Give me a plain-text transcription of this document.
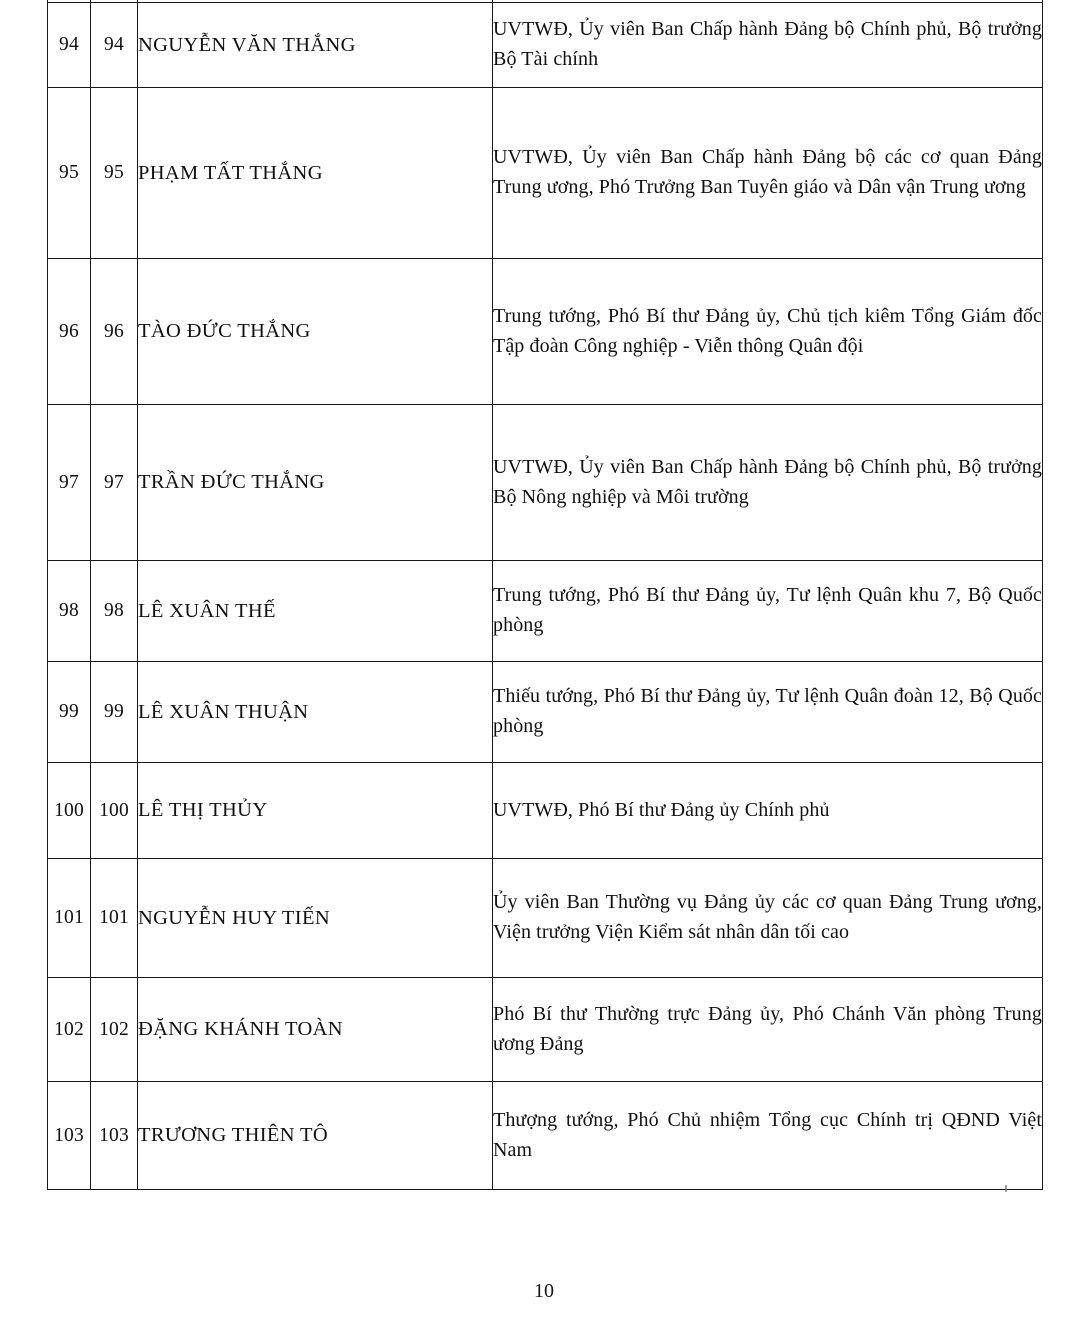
94	94	NGUYỄN VĂN THẮNG	UVTWĐ, Ủy viên Ban Chấp hành Đảng bộ Chính phủ, Bộ trưởng Bộ Tài chính
95	95	PHẠM TẤT THẮNG	UVTWĐ, Ủy viên Ban Chấp hành Đảng bộ các cơ quan Đảng Trung ương, Phó Trưởng Ban Tuyên giáo và Dân vận Trung ương
96	96	TÀO ĐỨC THẮNG	Trung tướng, Phó Bí thư Đảng ủy, Chủ tịch kiêm Tổng Giám đốc Tập đoàn Công nghiệp - Viễn thông Quân đội
97	97	TRẦN ĐỨC THẮNG	UVTWĐ, Ủy viên Ban Chấp hành Đảng bộ Chính phủ, Bộ trưởng Bộ Nông nghiệp và Môi trường
98	98	LÊ XUÂN THẾ	Trung tướng, Phó Bí thư Đảng ủy, Tư lệnh Quân khu 7, Bộ Quốc phòng
99	99	LÊ XUÂN THUẬN	Thiếu tướng, Phó Bí thư Đảng ủy, Tư lệnh Quân đoàn 12, Bộ Quốc phòng
100	100	LÊ THỊ THỦY	UVTWĐ, Phó Bí thư Đảng ủy Chính phủ
101	101	NGUYỄN HUY TIẾN	Ủy viên Ban Thường vụ Đảng ủy các cơ quan Đảng Trung ương, Viện trưởng Viện Kiểm sát nhân dân tối cao
102	102	ĐẶNG KHÁNH TOÀN	Phó Bí thư Thường trực Đảng ủy, Phó Chánh Văn phòng Trung ương Đảng
103	103	TRƯƠNG THIÊN TÔ	Thượng tướng, Phó Chủ nhiệm Tổng cục Chính trị QĐND Việt Nam
10
